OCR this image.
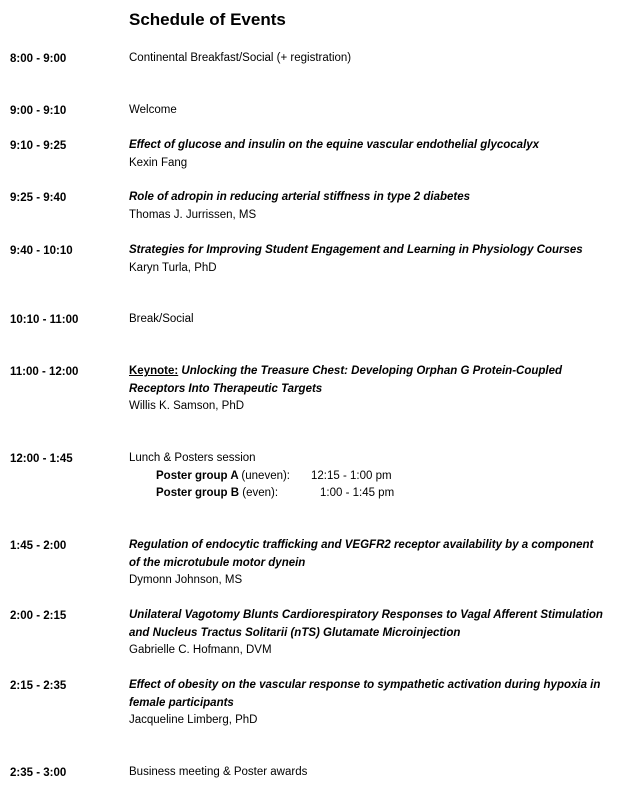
Schedule of Events
8:00 - 9:00	Continental Breakfast/Social (+ registration)
9:00 - 9:10	Welcome
9:10 - 9:25	Effect of glucose and insulin on the equine vascular endothelial glycocalyx
Kexin Fang
9:25 - 9:40	Role of adropin in reducing arterial stiffness in type 2 diabetes
Thomas J. Jurrissen, MS
9:40 - 10:10	Strategies for Improving Student Engagement and Learning in Physiology Courses
Karyn Turla, PhD
10:10 - 11:00	Break/Social
11:00 - 12:00	Keynote: Unlocking the Treasure Chest: Developing Orphan G Protein-Coupled
Receptors Into Therapeutic Targets
Willis K. Samson, PhD
12:00 - 1:45	Lunch & Posters session
Poster group A (uneven): 12:15 - 1:00 pm
Poster group B (even):	1:00 - 1:45 pm
1:45 - 2:00	Regulation of endocytic trafficking and VEGFR2 receptor availability by a component
of the microtubule motor dynein
Dymonn Johnson, MS
2:00 - 2:15	Unilateral Vagotomy Blunts Cardiorespiratory Responses to Vagal Afferent Stimulation
and Nucleus Tractus Solitarii (nTS) Glutamate Microinjection
Gabrielle C. Hofmann, DVM
2:15 - 2:35	Effect of obesity on the vascular response to sympathetic activation during hypoxia in
female participants
Jacqueline Limberg, PhD
2:35 - 3:00	Business meeting & Poster awards
